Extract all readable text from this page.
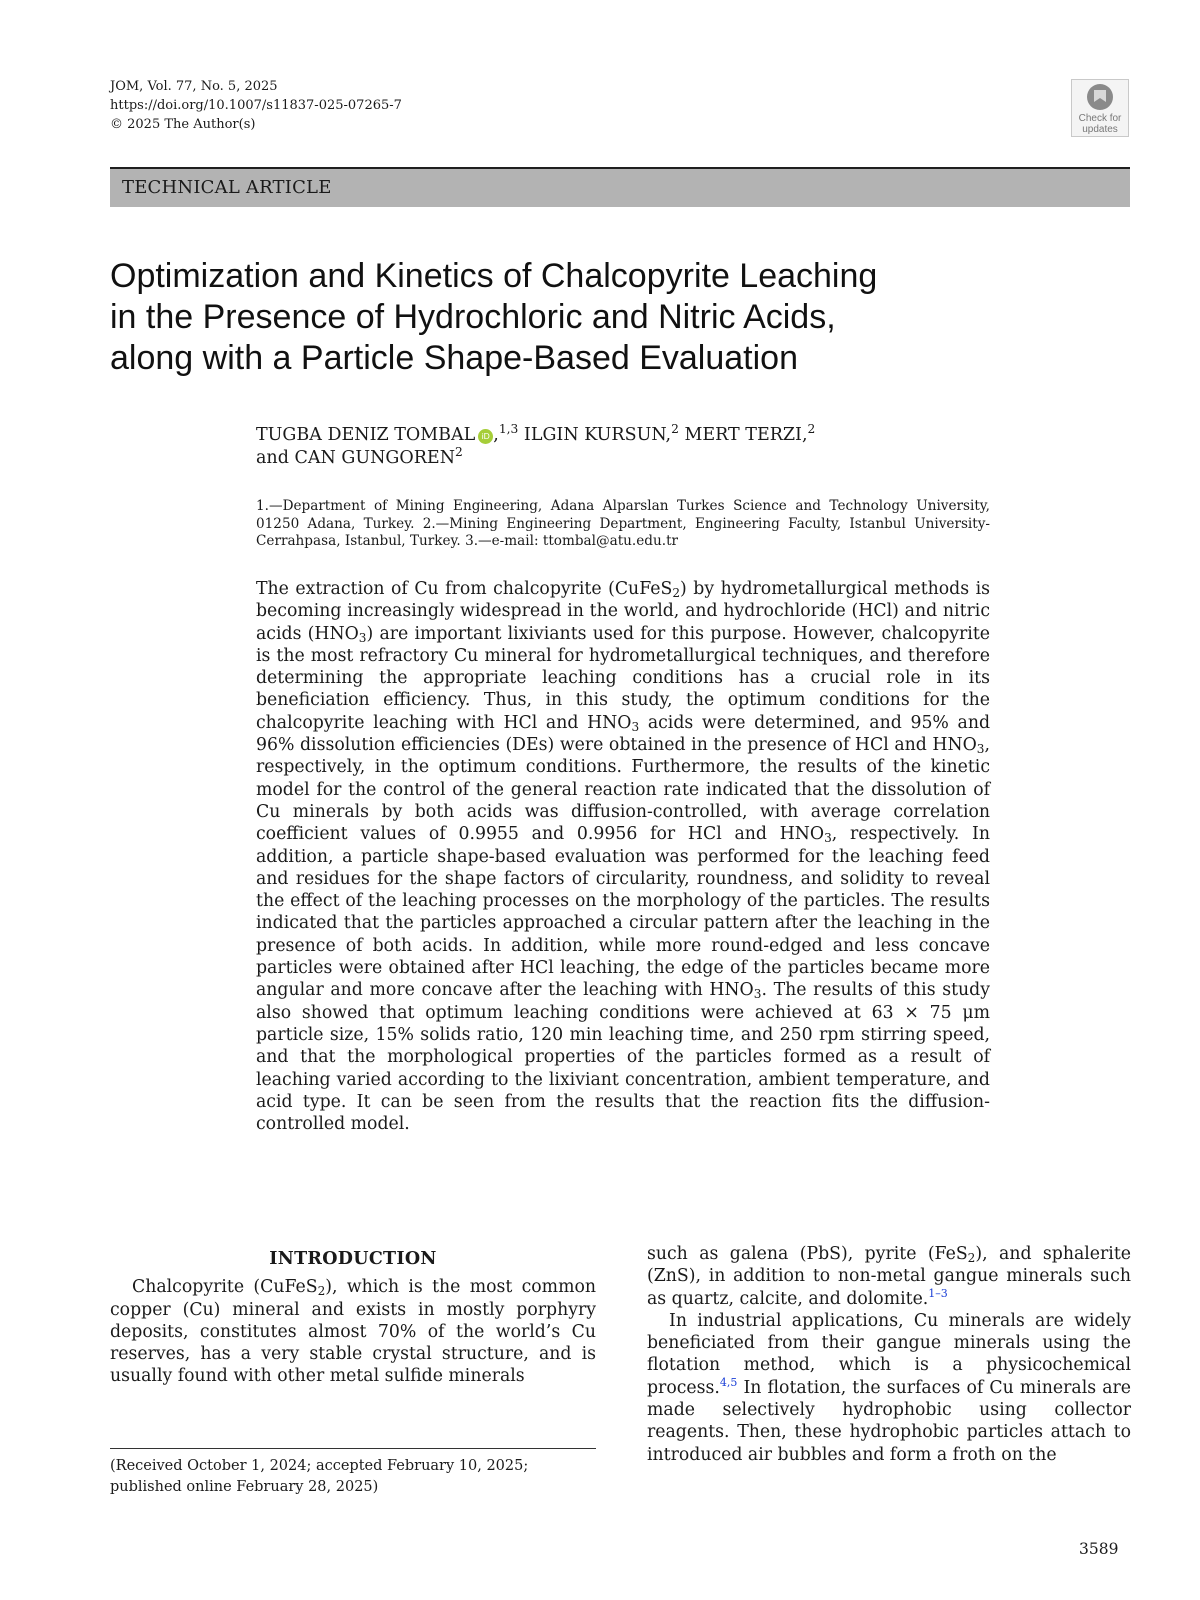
JOM, Vol. 77, No. 5, 2025
https://doi.org/10.1007/s11837-025-07265-7
© 2025 The Author(s)	Check for
updates
TECHNICAL ARTICLE
Optimization and Kinetics of Chalcopyrite Leaching
in the Presence of Hydrochloric and Nitric Acids,
along with a Particle Shape-Based Evaluation
TUGBA DENIZ TOMBAL iD ,$^{1,3}$ ILGIN KURSUN,$^2$ MERT TERZI,$^2$
and CAN GUNGOREN$^2$
1.—Department of Mining Engineering, Adana Alparslan Turkes Science and Technology University, 01250 Adana, Turkey. 2.—Mining Engineering Department, Engineering Faculty, Istanbul University-Cerrahpasa, Istanbul, Turkey. 3.—e-mail: ttombal@atu.edu.tr
The extraction of Cu from chalcopyrite (CuFeS$_2$) by hydrometallurgical methods is becoming increasingly widespread in the world, and hydrochloride (HCl) and nitric acids $(HNO_3)$ are important lixiviants used for this purpose. However, chalcopyrite is the most refractory Cu mineral for hydrometallurgical techniques, and therefore determining the appropriate leaching conditions has a crucial role in its beneficiation efficiency. Thus, in this study, the optimum conditions for the chalcopyrite leaching with HCl and $HNO_3$ acids were determined, and 95% and 96% dissolution efficiencies (DEs) were obtained in the presence of HCl and $HNO_3$, respectively, in the optimum conditions. Furthermore, the results of the kinetic model for the control of the general reaction rate indicated that the dissolution of Cu minerals by both acids was diffusion-controlled, with average correlation coefficient values of 0.9955 and 0.9956 for HCl and $HNO_3$, respectively. In addition, a particle shape-based evaluation was performed for the leaching feed and residues for the shape factors of circularity, roundness, and solidity to reveal the effect of the leaching processes on the morphology of the particles. The results indicated that the particles approached a circular pattern after the leaching in the presence of both acids. In addition, while more round-edged and less concave particles were obtained after HCl leaching, the edge of the particles became more angular and more concave after the leaching with $HNO_3$. The results of this study also showed that optimum leaching conditions were achieved at 63 × 75 μm particle size, 15% solids ratio, 120 min leaching time, and 250 rpm stirring speed, and that the morphological properties of the particles formed as a result of leaching varied according to the lixiviant concentration, ambient temperature, and acid type. It can be seen from the results that the reaction fits the diffusion-controlled model.
INTRODUCTION

Chalcopyrite (CuFeS$_2$), which is the most common copper (Cu) mineral and exists in mostly porphyry deposits, constitutes almost 70% of the world’s Cu reserves, has a very stable crystal structure, and is usually found with other metal sulfide minerals

such as galena (PbS), pyrite (FeS$_2$), and sphalerite (ZnS), in addition to non-metal gangue minerals such as quartz, calcite, and dolomite.$^{1-3}$

In industrial applications, Cu minerals are widely beneficiated from their gangue minerals using the flotation method, which is a physicochemical process.$^{4,5}$ In flotation, the surfaces of Cu minerals are made selectively hydrophobic using collector reagents. Then, these hydrophobic particles attach to introduced air bubbles and form a froth on the

(Received October 1, 2024; accepted February 10, 2025;
published online February 28, 2025)
3589
